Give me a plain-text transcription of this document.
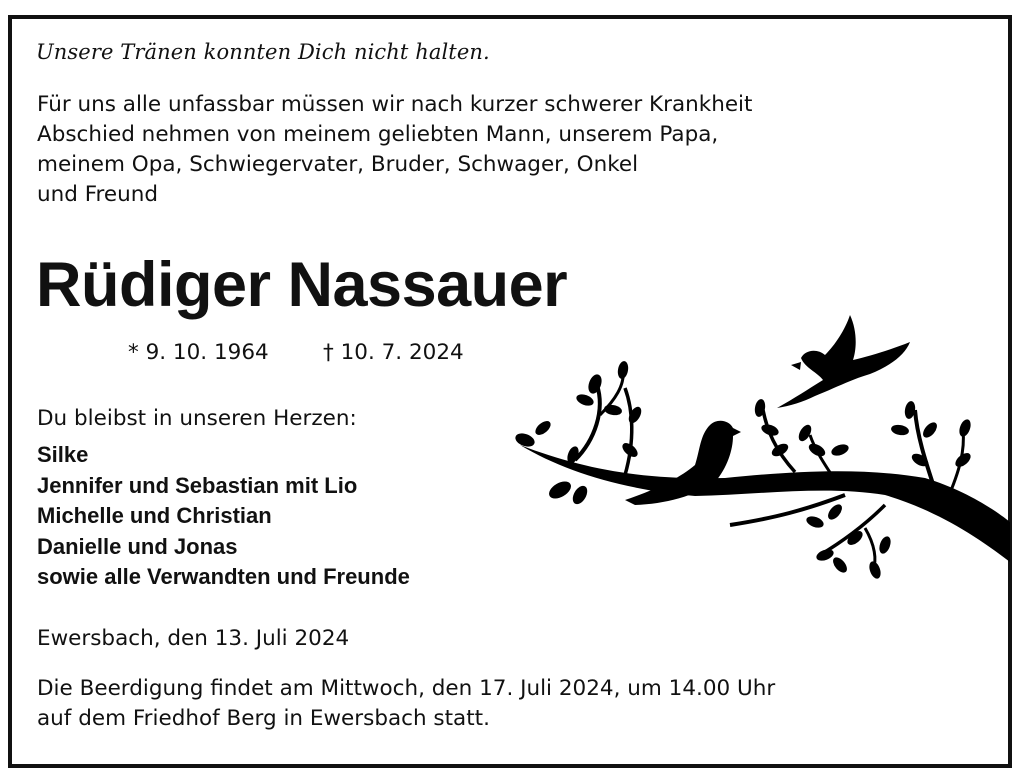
Unsere Tränen konnten Dich nicht halten.

Für uns alle unfassbar müssen wir nach kurzer schwerer Krankheit
Abschied nehmen von meinem geliebten Mann, unserem Papa,
meinem Opa, Schwiegervater, Bruder, Schwager, Onkel
und Freund
Rüdiger Nassauer
* 9. 10. 1964	† 10. 7. 2024
Du bleibst in unseren Herzen:
Silke
Jennifer und Sebastian mit Lio
Michelle und Christian
Danielle und Jonas
sowie alle Verwandten und Freunde
Ewersbach, den 13. Juli 2024
Die Beerdigung findet am Mittwoch, den 17. Juli 2024, um 14.00 Uhr
auf dem Friedhof Berg in Ewersbach statt.
